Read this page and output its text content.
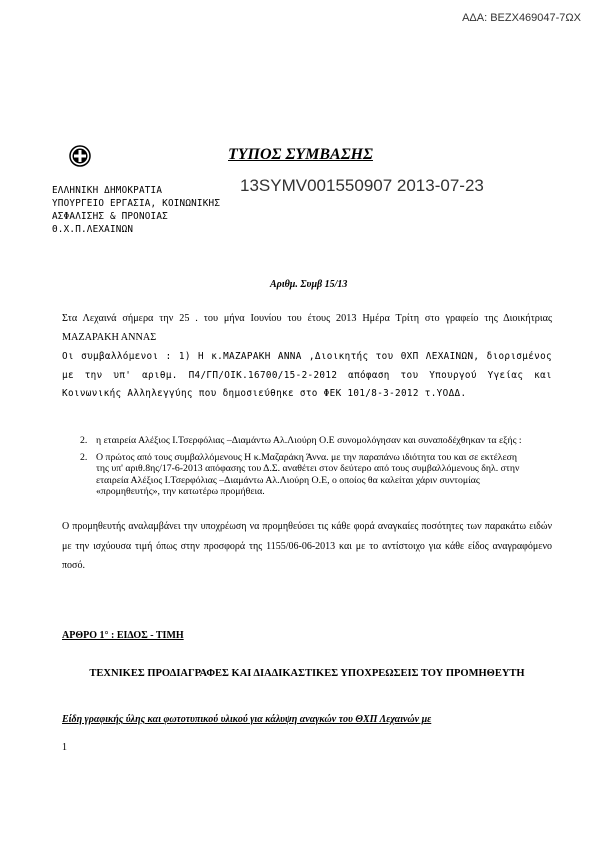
ΑΔΑ: ΒΕΖΧ469047-7ΩΧ
ΤΥΠΟΣ ΣΥΜΒΑΣΗΣ
13SYMV001550907 2013-07-23
ΕΛΛΗΝΙΚΗ ΔΗΜΟΚΡΑΤΙΑ
ΥΠΟΥΡΓΕΙΟ ΕΡΓΑΣΙΑ, ΚΟΙΝΩΝΙΚΗΣ
ΑΣΦΑΛΙΣΗΣ & ΠΡΟΝΟΙΑΣ
Θ.Χ.Π.ΛΕΧΑΙΝΩΝ
Αριθμ. Συμβ 15/13
Στα Λεχαινά σήμερα την 25 . του μήνα Ιουνίου του έτους 2013 Ημέρα Τρίτη στο γραφείο της Διοικήτριας ΜΑΖΑΡΑΚΗ ΑΝΝΑΣ
Οι συμβαλλόμενοι : 1) Η κ.ΜΑΖΑΡΑΚΗ ΑΝΝΑ ,Διοικητής του ΘΧΠ ΛΕΧΑΙΝΩΝ, διορισμένος με την υπ' αριθμ. Π4/ΓΠ/ΟΙΚ.16700/15-2-2012 απόφαση του Υπουργού Υγείας και Κοινωνικής Αλληλεγγύης που δημοσιεύθηκε στο ΦΕΚ 101/8-3-2012 τ.ΥΟΔΔ.
2. η εταιρεία Αλέξιος Ι.Τσερφόλιας –Διαμάντω Αλ.Λιούρη Ο.Ε συνομολόγησαν και συναποδέχθηκαν τα εξής :
2. Ο πρώτος από τους συμβαλλόμενους Η κ.Μαζαράκη Άννα. με την παραπάνω ιδιότητα του και σε εκτέλεση της υπ' αριθ.8ης/17-6-2013 απόφασης του Δ.Σ. αναθέτει στον δεύτερο από τους συμβαλλόμενους δηλ. στην εταιρεία Αλέξιος Ι.Τσερφόλιας –Διαμάντω Αλ.Λιούρη Ο.Ε, ο οποίος θα καλείται χάριν συντομίας «προμηθευτής», την κατωτέρω προμήθεια.
Ο προμηθευτής αναλαμβάνει την υποχρέωση να προμηθεύσει τις κάθε φορά αναγκαίες ποσότητες των παρακάτω ειδών με την ισχύουσα τιμή όπως στην προσφορά της 1155/06-06-2013 και με το αντίστοιχο για κάθε είδος αναγραφόμενο ποσό.
ΑΡΘΡΟ 1° : ΕΙΔΟΣ - ΤΙΜΗ
ΤΕΧΝΙΚΕΣ ΠΡΟΔΙΑΓΡΑΦΕΣ ΚΑΙ ΔΙΑΔΙΚΑΣΤΙΚΕΣ ΥΠΟΧΡΕΩΣΕΙΣ ΤΟΥ ΠΡΟΜΗΘΕΥΤΗ
Είδη γραφικής ύλης και φωτοτυπικού υλικού για κάλυψη αναγκών του ΘΧΠ Λεχαινών με
1
